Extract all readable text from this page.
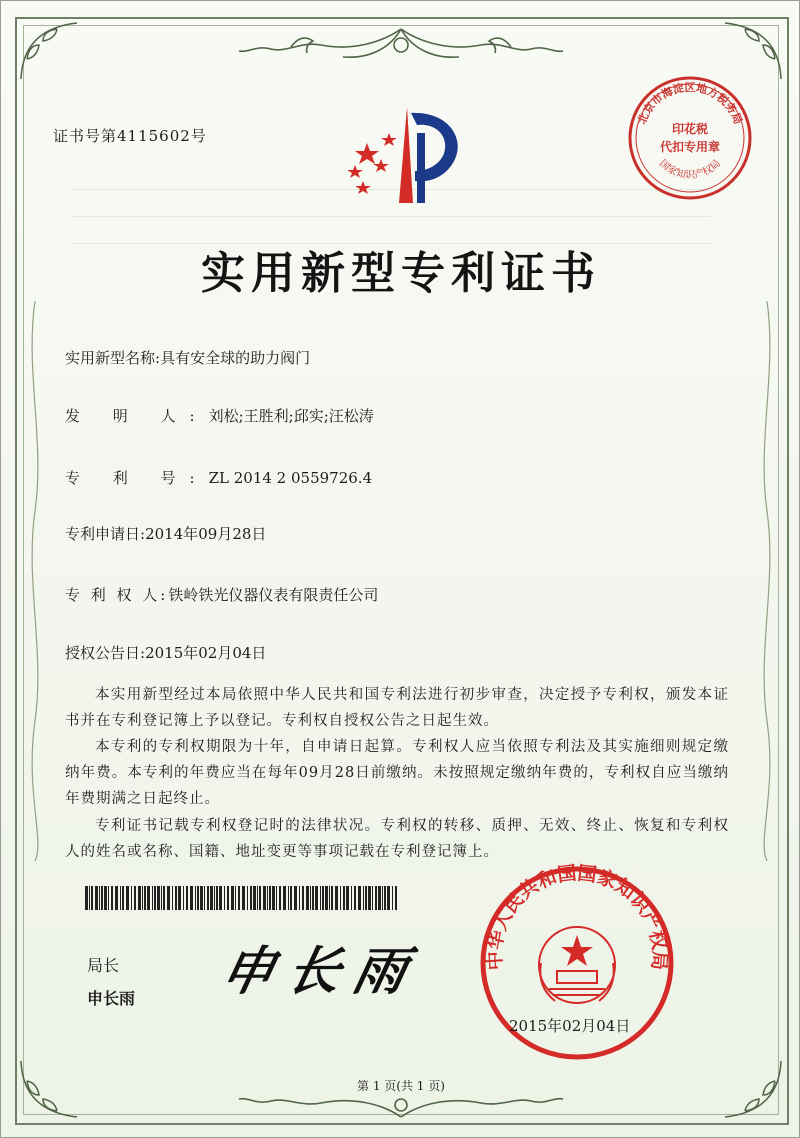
证书号第4115602号
北京市海淀区地方税务局
印花税
代扣专用章
国家知识产权局
实用新型专利证书
实用新型名称:具有安全球的助力阀门
发 明 人:刘松;王胜利;邱实;汪松涛
专 利 号:ZL 2014 2 0559726.4
专利申请日:2014年09月28日
专 利 权 人:铁岭铁光仪器仪表有限责任公司
授权公告日:2015年02月04日
本实用新型经过本局依照中华人民共和国专利法进行初步审查，决定授予专利权，颁发本证书并在专利登记簿上予以登记。专利权自授权公告之日起生效。
本专利的专利权期限为十年，自申请日起算。专利权人应当依照专利法及其实施细则规定缴纳年费。本专利的年费应当在每年09月28日前缴纳。未按照规定缴纳年费的，专利权自应当缴纳年费期满之日起终止。
专利证书记载专利权登记时的法律状况。专利权的转移、质押、无效、终止、恢复和专利权人的姓名或名称、国籍、地址变更等事项记载在专利登记簿上。
局长
申长雨 申长雨	中华人民共和国国家知识产权局
2015年02月04日
第 1 页(共 1 页)
